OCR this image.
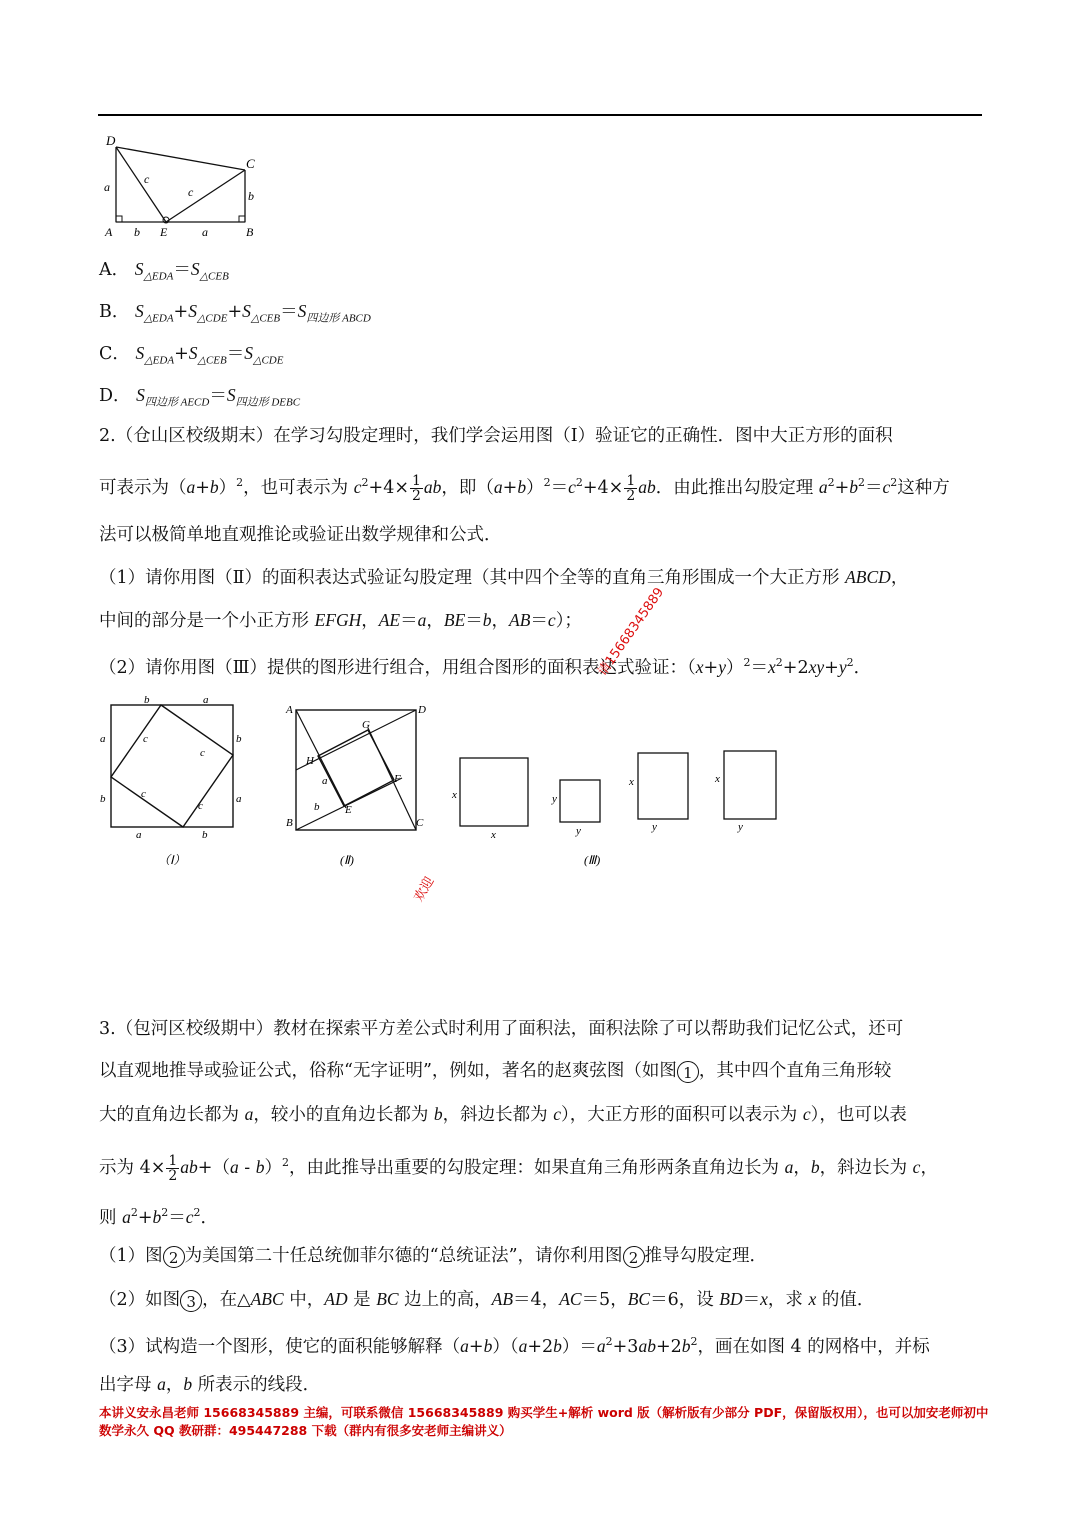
D
C
a
b
c
c
A b E	a	B
A． $S_{\triangle EDA}=S_{\triangle CEB}$
B． $S_{\triangle EDA}+S_{\triangle CDE}+S_{\triangle CEB}=S_{四边形 ABCD}$
C． $S_{\triangle EDA}+S_{\triangle CEB}=S_{\triangle CDE}$
D． $S_{四边形 AECD}=S_{四边形 DEBC}$
2.（仓山区校级期末）在学习勾股定理时，我们学会运用图（Ⅰ）验证它的正确性．图中大正方形的面积
可表示为$(a+b)^2$，也可表示为 $c^2+4\times \frac{1}{2}$ ab，即$(a+b)^2=c^2+4\times \frac{1}{2}$ ab．由此推出勾股定理 $a^2+b^2=c^2$这种方
法可以极简单地直观推论或验证出数学规律和公式．
（1）请你用图（Ⅱ）的面积表达式验证勾股定理（其中四个全等的直角三角形围成一个大正方形 ABCD，
中间的部分是一个小正方形 EFGH，AE＝a，BE＝b，AB＝c）；
（2）请你用图（Ⅲ）提供的图形进行组合，用组合图形的面积表达式验证：$(x+y)^2=x^2+2xy+y^2$．
请15668345889
欢迎
b	a
a
b
b
a
a	b
c
c
c
c
（Ⅰ）
A	D
B	C
G
H
F
E
a
b
(Ⅱ)
x
x
y
y
x
y
x
y
(Ⅲ)
3.（包河区校级期中）教材在探索平方差公式时利用了面积法，面积法除了可以帮助我们记忆公式，还可
以直观地推导或验证公式，俗称“无字证明”，例如，著名的赵爽弦图（如图 1 ，其中四个直角三角形较
大的直角边长都为 a，较小的直角边长都为 b，斜边长都为 c），大正方形的面积可以表示为 c），也可以表
示为 $4\times \frac{1}{2} ab+(a - b)^2$，由此推导出重要的勾股定理：如果直角三角形两条直角边长为 a，b，斜边长为 c，
则 $a^2+b^2=c^2$．
（1）图 2 为美国第二十任总统伽菲尔德的“总统证法”，请你利用图 2 推导勾股定理．
（2）如图 3 ，在△ABC 中，AD 是 BC 边上的高，AB＝4，AC＝5，BC＝6，设 BD＝x，求 x 的值．
（3）试构造一个图形，使它的面积能够解释$(a+b)(a+2b)=a^2+3ab+2b^2$，画在如图 4 的网格中，并标
出字母 a，b 所表示的线段．
本讲义安永昌老师 15668345889 主编，可联系微信 15668345889 购买学生+解析 word 版（解析版有少部分 PDF，保留版权用），也可以加安老师初中
数学永久 QQ 教研群：495447288 下载（群内有很多安老师主编讲义）
